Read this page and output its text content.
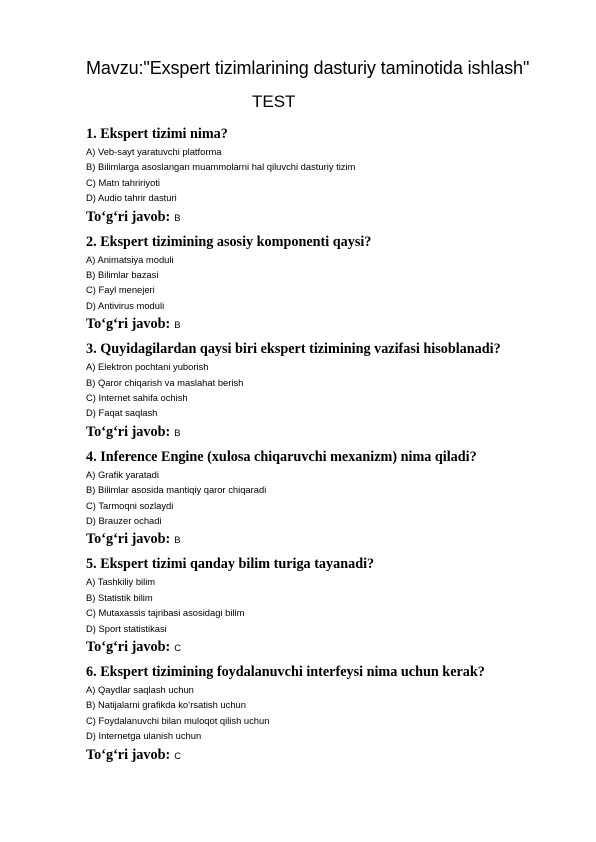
Mavzu:"Exspert tizimlarining dasturiy taminotida ishlash"
TEST
1. Ekspert tizimi nima?
A) Veb-sayt yaratuvchi platforma
B) Bilimlarga asoslangan muammolarni hal qiluvchi dasturiy tizim
C) Matn tahririyoti
D) Audio tahrir dasturi
To‘g‘ri javob: B
2. Ekspert tizimining asosiy komponenti qaysi?
A) Animatsiya moduli
B) Bilimlar bazasi
C) Fayl menejeri
D) Antivirus moduli
To‘g‘ri javob: B
3. Quyidagilardan qaysi biri ekspert tizimining vazifasi hisoblanadi?
A) Elektron pochtani yuborish
B) Qaror chiqarish va maslahat berish
C) Internet sahifa ochish
D) Faqat saqlash
To‘g‘ri javob: B
4. Inference Engine (xulosa chiqaruvchi mexanizm) nima qiladi?
A) Grafik yaratadi
B) Bilimlar asosida mantiqiy qaror chiqaradi
C) Tarmoqni sozlaydi
D) Brauzer ochadi
To‘g‘ri javob: B
5. Ekspert tizimi qanday bilim turiga tayanadi?
A) Tashkiliy bilim
B) Statistik bilim
C) Mutaxassis tajribasi asosidagi bilim
D) Sport statistikasi
To‘g‘ri javob: C
6. Ekspert tizimining foydalanuvchi interfeysi nima uchun kerak?
A) Qaydlar saqlash uchun
B) Natijalarni grafikda ko‘rsatish uchun
C) Foydalanuvchi bilan muloqot qilish uchun
D) Internetga ulanish uchun
To‘g‘ri javob: C
